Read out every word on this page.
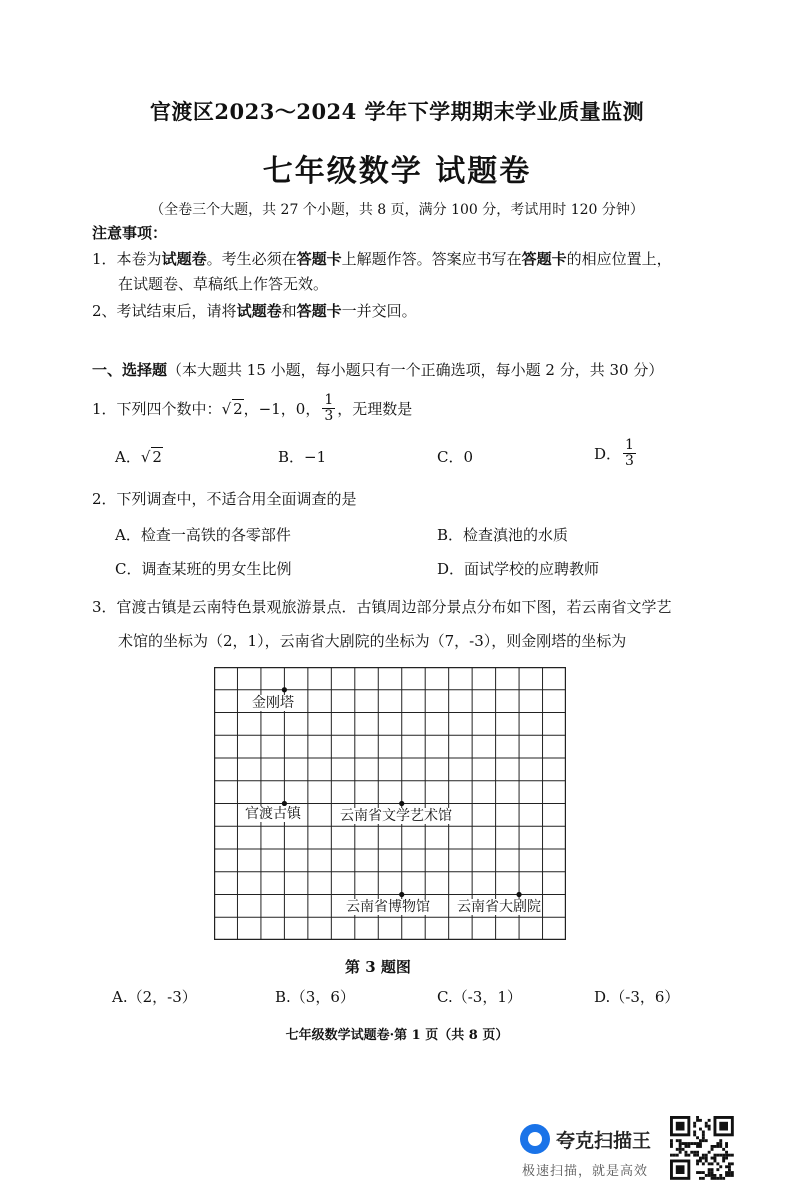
官渡区2023～2024 学年下学期期末学业质量监测
七年级数学 试题卷
（全卷三个大题，共 27 个小题，共 8 页，满分 100 分，考试用时 120 分钟）
注意事项：
1．本卷为试题卷。考生必须在答题卡上解题作答。答案应书写在答题卡的相应位置上，
在试题卷、草稿纸上作答无效。
2、考试结束后，请将试题卷和答题卡一并交回。
一、选择题（本大题共 15 小题，每小题只有一个正确选项，每小题 2 分，共 30 分）
1． 下列四个数中： √ 2 ，−1，0， $\frac{1}{3}$ ，无理数是
A．√ 2	B．−1	C．0	D． $\frac{1}{3}$
2．下列调查中，不适合用全面调查的是
A．检查一高铁的各零部件	B．检查滇池的水质
C．调查某班的男女生比例	D．面试学校的应聘教师
3．官渡古镇是云南特色景观旅游景点．古镇周边部分景点分布如下图，若云南省文学艺
术馆的坐标为（2，1），云南省大剧院的坐标为（7，-3），则金刚塔的坐标为
金刚塔
官渡古镇	云南省文学艺术馆
云南省博物馆 云南省大剧院
第 3 题图
A.（2，-3）	B.（3，6）	C.（-3，1）	D.（-3，6）
七年级数学试题卷·第 1 页（共 8 页）
夸克扫描王
极速扫描，就是高效
